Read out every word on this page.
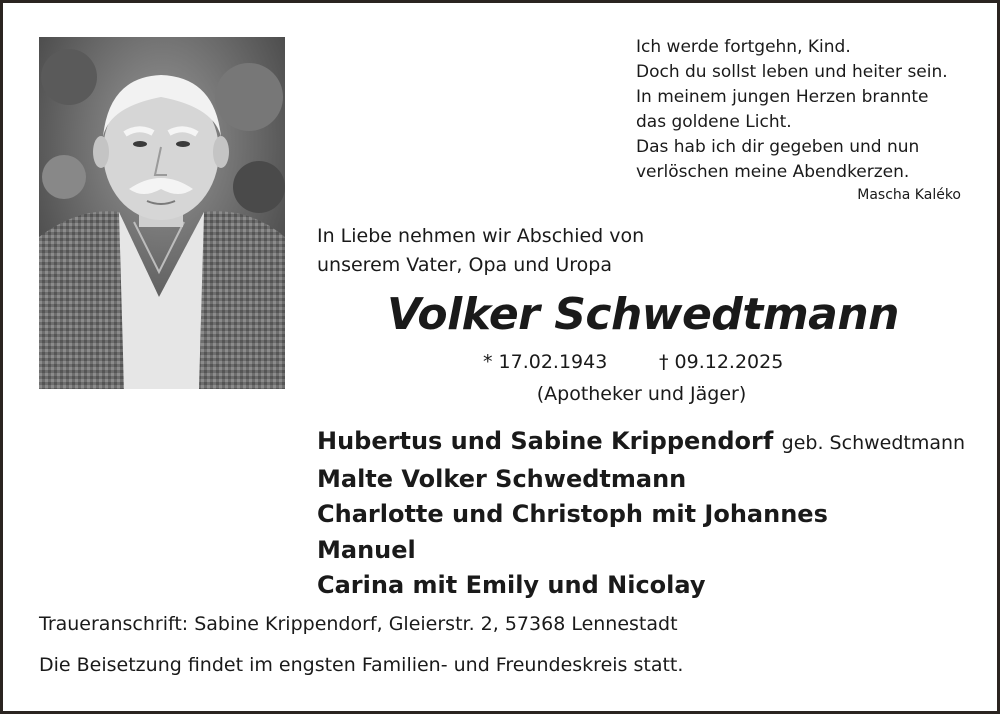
Ich werde fortgehn, Kind.
Doch du sollst leben und heiter sein.
In meinem jungen Herzen brannte
das goldene Licht.
Das hab ich dir gegeben und nun
verlöschen meine Abendkerzen.
Mascha Kaléko
In Liebe nehmen wir Abschied von
unserem Vater, Opa und Uropa
Volker Schwedtmann
* 17.02.1943	† 09.12.2025
(Apotheker und Jäger)
Hubertus und Sabine Krippendorf geb. Schwedtmann
Malte Volker Schwedtmann
Charlotte und Christoph mit Johannes
Manuel
Carina mit Emily und Nicolay
Traueranschrift: Sabine Krippendorf, Gleierstr. 2, 57368 Lennestadt
Die Beisetzung findet im engsten Familien- und Freundeskreis statt.
